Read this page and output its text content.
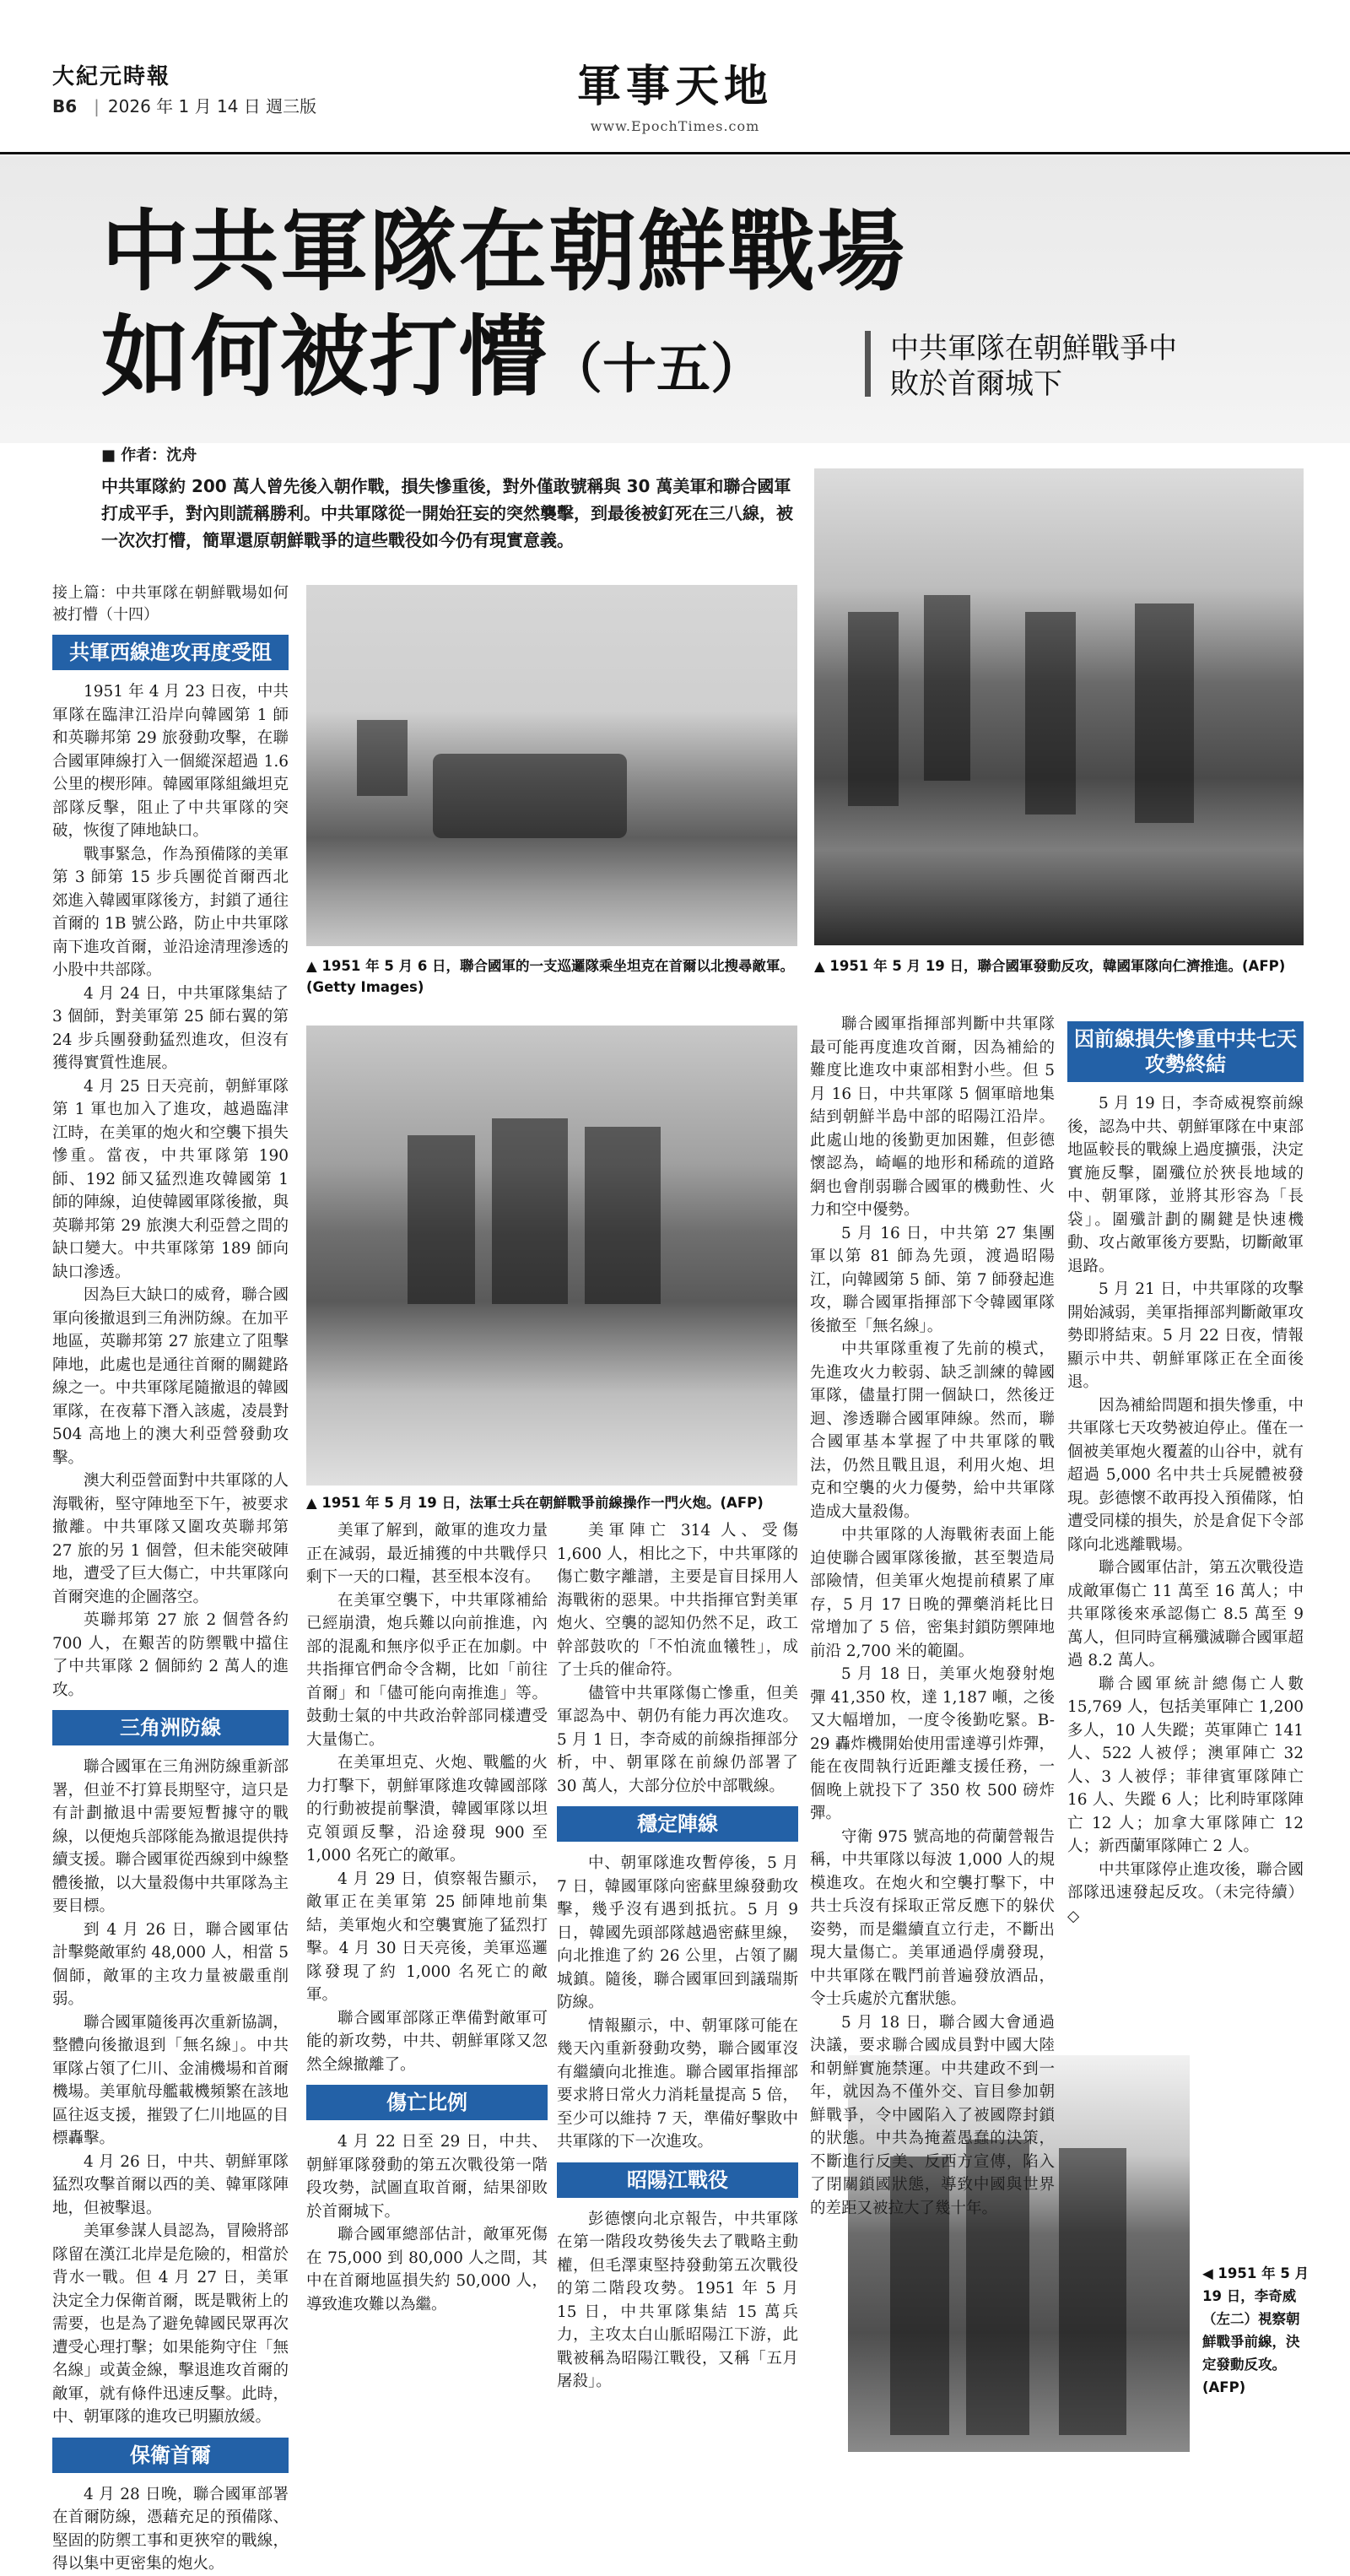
大紀元時報
B6 | 2026 年 1 月 14 日 週三版	軍事天地
www.EpochTimes.com
中共軍隊在朝鮮戰場
如何被打懵（十五）	中共軍隊在朝鮮戰爭中
敗於首爾城下
■ 作者：沈舟
中共軍隊約 200 萬人曾先後入朝作戰，損失慘重後，對外僅敢號稱與 30 萬美軍和聯合國軍打成平手，對內則謊稱勝利。中共軍隊從一開始狂妄的突然襲擊，到最後被釘死在三八線，被一次次打懵，簡單還原朝鮮戰爭的這些戰役如今仍有現實意義。
▲ 1951 年 5 月 6 日，聯合國軍的一支巡邏隊乘坐坦克在首爾以北搜尋敵軍。(Getty Images)
▲ 1951 年 5 月 19 日，聯合國軍發動反攻，韓國軍隊向仁濟推進。(AFP)
▲ 1951 年 5 月 19 日，法軍士兵在朝鮮戰爭前線操作一門火炮。(AFP)
◀ 1951 年 5 月 19 日，李奇威（左二）視察朝鮮戰爭前線，決定發動反攻。(AFP)
接上篇：中共軍隊在朝鮮戰場如何被打懵（十四）
共軍西線進攻再度受阻

1951 年 4 月 23 日夜，中共軍隊在臨津江沿岸向韓國第 1 師和英聯邦第 29 旅發動攻擊，在聯合國軍陣線打入一個縱深超過 1.6 公里的楔形陣。韓國軍隊組織坦克部隊反擊，阻止了中共軍隊的突破，恢復了陣地缺口。

戰事緊急，作為預備隊的美軍第 3 師第 15 步兵團從首爾西北郊進入韓國軍隊後方，封鎖了通往首爾的 1B 號公路，防止中共軍隊南下進攻首爾，並沿途清理滲透的小股中共部隊。

4 月 24 日，中共軍隊集結了 3 個師，對美軍第 25 師右翼的第 24 步兵團發動猛烈進攻，但沒有獲得實質性進展。

4 月 25 日天亮前，朝鮮軍隊第 1 軍也加入了進攻，越過臨津江時，在美軍的炮火和空襲下損失慘重。當夜，中共軍隊第 190 師、192 師又猛烈進攻韓國第 1 師的陣線，迫使韓國軍隊後撤，與英聯邦第 29 旅澳大利亞營之間的缺口變大。中共軍隊第 189 師向缺口滲透。

因為巨大缺口的威脅，聯合國軍向後撤退到三角洲防線。在加平地區，英聯邦第 27 旅建立了阻擊陣地，此處也是通往首爾的關鍵路線之一。中共軍隊尾隨撤退的韓國軍隊，在夜幕下潛入該處，凌晨對 504 高地上的澳大利亞營發動攻擊。

澳大利亞營面對中共軍隊的人海戰術，堅守陣地至下午，被要求撤離。中共軍隊又圍攻英聯邦第 27 旅的另 1 個營，但未能突破陣地，遭受了巨大傷亡，中共軍隊向首爾突進的企圖落空。

英聯邦第 27 旅 2 個營各約 700 人，在艱苦的防禦戰中擋住了中共軍隊 2 個師約 2 萬人的進攻。

三角洲防線

聯合國軍在三角洲防線重新部署，但並不打算長期堅守，這只是有計劃撤退中需要短暫據守的戰線，以便炮兵部隊能為撤退提供持續支援。聯合國軍從西線到中線整體後撤，以大量殺傷中共軍隊為主要目標。

到 4 月 26 日，聯合國軍估計擊斃敵軍約 48,000 人，相當 5 個師，敵軍的主攻力量被嚴重削弱。

聯合國軍隨後再次重新協調，整體向後撤退到「無名線」。中共軍隊占領了仁川、金浦機場和首爾機場。美軍航母艦載機頻繁在該地區往返支援，摧毀了仁川地區的目標轟擊。

4 月 26 日，中共、朝鮮軍隊猛烈攻擊首爾以西的美、韓軍隊陣地，但被擊退。

美軍參謀人員認為，冒險將部隊留在漢江北岸是危險的，相當於背水一戰。但 4 月 27 日，美軍決定全力保衛首爾，既是戰術上的需要，也是為了避免韓國民眾再次遭受心理打擊；如果能夠守住「無名線」或黃金線，擊退進攻首爾的敵軍，就有條件迅速反擊。此時，中、朝軍隊的進攻已明顯放緩。

保衛首爾

4 月 28 日晚，聯合國軍部署在首爾防線，憑藉充足的預備隊、堅固的防禦工事和更狹窄的戰線，得以集中更密集的炮火。

美軍了解到，敵軍的進攻力量正在減弱，最近捕獲的中共戰俘只剩下一天的口糧，甚至根本沒有。

在美軍空襲下，中共軍隊補給已經崩潰，炮兵難以向前推進，內部的混亂和無序似乎正在加劇。中共指揮官們命令含糊，比如「前往首爾」和「儘可能向南推進」等。鼓動士氣的中共政治幹部同樣遭受大量傷亡。

在美軍坦克、火炮、戰艦的火力打擊下，朝鮮軍隊進攻韓國部隊的行動被提前擊潰，韓國軍隊以坦克領頭反擊，沿途發現 900 至 1,000 名死亡的敵軍。

4 月 29 日，偵察報告顯示，敵軍正在美軍第 25 師陣地前集結，美軍炮火和空襲實施了猛烈打擊。4 月 30 日天亮後，美軍巡邏隊發現了約 1,000 名死亡的敵軍。

聯合國軍部隊正準備對敵軍可能的新攻勢，中共、朝鮮軍隊又忽然全線撤離了。

傷亡比例

4 月 22 日至 29 日，中共、朝鮮軍隊發動的第五次戰役第一階段攻勢，試圖直取首爾，結果卻敗於首爾城下。

聯合國軍總部估計，敵軍死傷在 75,000 到 80,000 人之間，其中在首爾地區損失約 50,000 人，導致進攻難以為繼。

美軍陣亡 314 人、受傷 1,600 人，相比之下，中共軍隊的傷亡數字離譜，主要是盲目採用人海戰術的惡果。中共指揮官對美軍炮火、空襲的認知仍然不足，政工幹部鼓吹的「不怕流血犧牲」，成了士兵的催命符。

儘管中共軍隊傷亡慘重，但美軍認為中、朝仍有能力再次進攻。5 月 1 日，李奇威的前線指揮部分析，中、朝軍隊在前線仍部署了 30 萬人，大部分位於中部戰線。

穩定陣線

中、朝軍隊進攻暫停後，5 月 7 日，韓國軍隊向密蘇里線發動攻擊，幾乎沒有遇到抵抗。5 月 9 日，韓國先頭部隊越過密蘇里線，向北推進了約 26 公里，占領了關城鎮。隨後，聯合國軍回到議瑞斯防線。

情報顯示，中、朝軍隊可能在幾天內重新發動攻勢，聯合國軍沒有繼續向北推進。聯合國軍指揮部要求將日常火力消耗量提高 5 倍，至少可以維持 7 天，準備好擊敗中共軍隊的下一次進攻。

昭陽江戰役

彭德懷向北京報告，中共軍隊在第一階段攻勢後失去了戰略主動權，但毛澤東堅持發動第五次戰役的第二階段攻勢。1951 年 5 月 15 日，中共軍隊集結 15 萬兵力，主攻太白山脈昭陽江下游，此戰被稱為昭陽江戰役，又稱「五月屠殺」。

聯合國軍指揮部判斷中共軍隊最可能再度進攻首爾，因為補給的難度比進攻中東部相對小些。但 5 月 16 日，中共軍隊 5 個軍暗地集結到朝鮮半島中部的昭陽江沿岸。此處山地的後勤更加困難，但彭德懷認為，崎嶇的地形和稀疏的道路網也會削弱聯合國軍的機動性、火力和空中優勢。

5 月 16 日，中共第 27 集團軍以第 81 師為先頭，渡過昭陽江，向韓國第 5 師、第 7 師發起進攻，聯合國軍指揮部下令韓國軍隊後撤至「無名線」。

中共軍隊重複了先前的模式，先進攻火力較弱、缺乏訓練的韓國軍隊，儘量打開一個缺口，然後迂迴、滲透聯合國軍陣線。然而，聯合國軍基本掌握了中共軍隊的戰法，仍然且戰且退，利用火炮、坦克和空襲的火力優勢，給中共軍隊造成大量殺傷。

中共軍隊的人海戰術表面上能迫使聯合國軍隊後撤，甚至製造局部險情，但美軍火炮提前積累了庫存，5 月 17 日晚的彈藥消耗比日常增加了 5 倍，密集封鎖防禦陣地前沿 2,700 米的範圍。

5 月 18 日，美軍火炮發射炮彈 41,350 枚，達 1,187 噸，之後又大幅增加，一度令後勤吃緊。B-29 轟炸機開始使用雷達導引炸彈，能在夜間執行近距離支援任務，一個晚上就投下了 350 枚 500 磅炸彈。

守衛 975 號高地的荷蘭營報告稱，中共軍隊以每波 1,000 人的規模進攻。在炮火和空襲打擊下，中共士兵沒有採取正常反應下的躲伏姿勢，而是繼續直立行走，不斷出現大量傷亡。美軍通過俘虜發現，中共軍隊在戰鬥前普遍發放酒品，令士兵處於亢奮狀態。

5 月 18 日，聯合國大會通過決議，要求聯合國成員對中國大陸和朝鮮實施禁運。中共建政不到一年，就因為不僅外交、盲目參加朝鮮戰爭，令中國陷入了被國際封鎖的狀態。中共為掩蓋愚蠢的決策，不斷進行反美、反西方宣傳，陷入了閉關鎖國狀態，導致中國與世界的差距又被拉大了幾十年。

因前線損失慘重中共七天攻勢終結

5 月 19 日，李奇威視察前線後，認為中共、朝鮮軍隊在中東部地區較長的戰線上過度擴張，決定實施反擊，圍殲位於狹長地域的中、朝軍隊，並將其形容為「長袋」。圍殲計劃的關鍵是快速機動、攻占敵軍後方要點，切斷敵軍退路。

5 月 21 日，中共軍隊的攻擊開始減弱，美軍指揮部判斷敵軍攻勢即將結束。5 月 22 日夜，情報顯示中共、朝鮮軍隊正在全面後退。

因為補給問題和損失慘重，中共軍隊七天攻勢被迫停止。僅在一個被美軍炮火覆蓋的山谷中，就有超過 5,000 名中共士兵屍體被發現。彭德懷不敢再投入預備隊，怕遭受同樣的損失，於是倉促下令部隊向北逃離戰場。

聯合國軍估計，第五次戰役造成敵軍傷亡 11 萬至 16 萬人；中共軍隊後來承認傷亡 8.5 萬至 9 萬人，但同時宣稱殲滅聯合國軍超過 8.2 萬人。

聯合國軍統計總傷亡人數 15,769 人，包括美軍陣亡 1,200 多人，10 人失蹤；英軍陣亡 141 人、522 人被俘；澳軍陣亡 32 人、3 人被俘；菲律賓軍隊陣亡 16 人、失蹤 6 人；比利時軍隊陣亡 12 人；加拿大軍隊陣亡 12 人；新西蘭軍隊陣亡 2 人。

中共軍隊停止進攻後，聯合國部隊迅速發起反攻。（未完待續）◇
